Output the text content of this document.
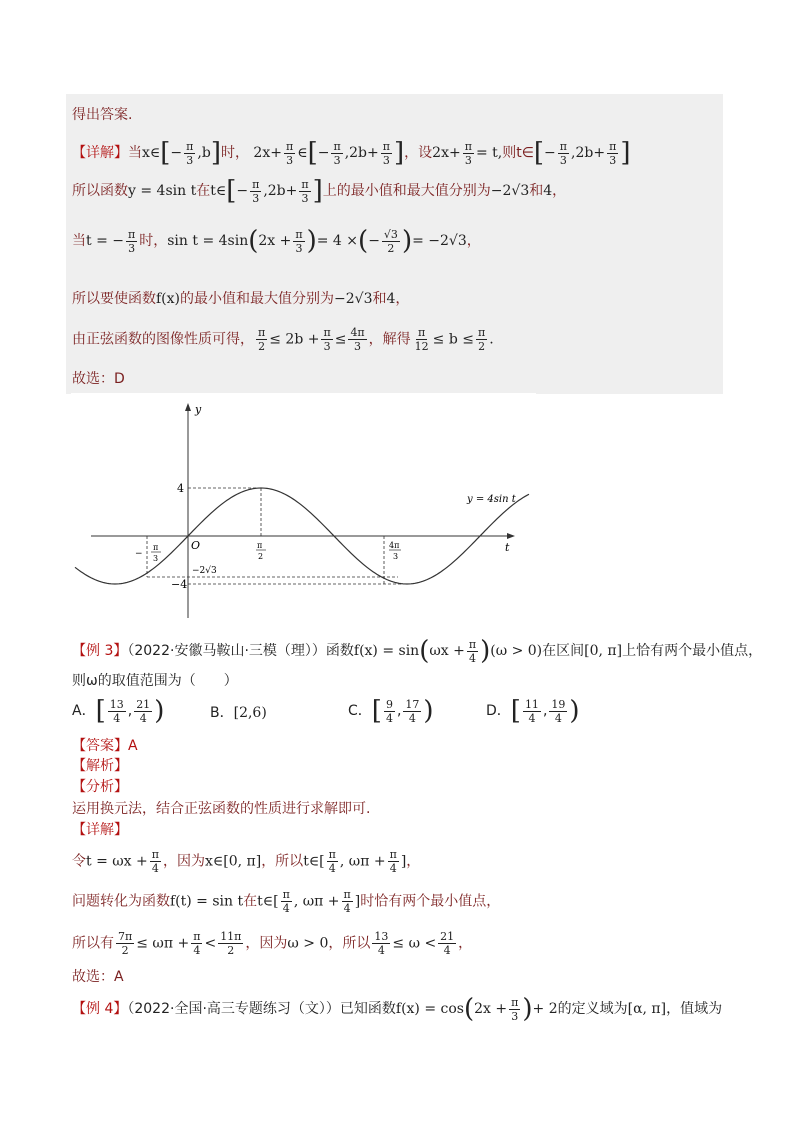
得出答案.
【详解】当x∈[− $\frac{\pi}{3} ,b$]时， $2x+ \frac{\pi}{3}$ ∈[− $\frac{\pi}{3} ,2b+ \frac{\pi}{3}$ ]，设$2x+ \frac{\pi}{3} = t$,则t∈[− $\frac{\pi}{3} ,2b+ \frac{\pi}{3}$ ]
所以函数y = 4sin t在t∈[− $\frac{\pi}{3} ,2b+ \frac{\pi}{3}$ ]上的最小值和最大值分别为−2√3和4，
当t = − $\frac{\pi}{3}$ 时，$\sin t = 4\sin(2x + \frac{\pi}{3}$ )= 4 ×(− $\frac{√3}{2}$ )= −2√3，
所以要使函数f(x)的最小值和最大值分别为−2√3和4，
由正弦函数的图像性质可得， $\frac{\pi}{2} \le 2b + \frac{\pi}{3} \le \frac{4\pi}{3}$ ，解得 $\frac{\pi}{12} \le b \le \frac{\pi}{2}$ .
故选：D
y
t
O
4
−4
−2√3
−
π
3
π
2
4π
3
y = 4sin t
【例 3】（2022·安徽马鞍山·三模（理））函数$f(x) = \sin(\omega x + \frac{\pi}{4} )(\omega > 0)$在区间[0, π]上恰有两个最小值点，
则ω的取值范围为（　　）
A．[ $\frac{13}{4}$ , $\frac{21}{4}$ )	B．[2,6)	C．[ $\frac{9}{4}$ , $\frac{17}{4}$ )	D．[ $\frac{11}{4}$ , $\frac{19}{4}$ )
【答案】A
【解析】
【分析】
运用换元法，结合正弦函数的性质进行求解即可.
【详解】
令$t = \omega x + \frac{\pi}{4}$ ，因为x∈[0, π]，所以t∈[ $\frac{\pi}{4}$ , $\omega\pi + \frac{\pi}{4}$ ]，
问题转化为函数f(t) = sin t在t∈[ $\frac{\pi}{4}$ , $\omega\pi + \frac{\pi}{4}$ ]时恰有两个最小值点，
所以有 $\frac{7\pi}{2} \le \omega\pi + \frac{\pi}{4} < \frac{11\pi}{2}$ ，因为ω > 0，所以 $\frac{13}{4} \le \omega < \frac{21}{4}$ ，
故选：A
【例 4】（2022·全国·高三专题练习（文））已知函数$f(x) = \cos(2x + \frac{\pi}{3}$ )+ 2的定义域为[α, π]，值域为
